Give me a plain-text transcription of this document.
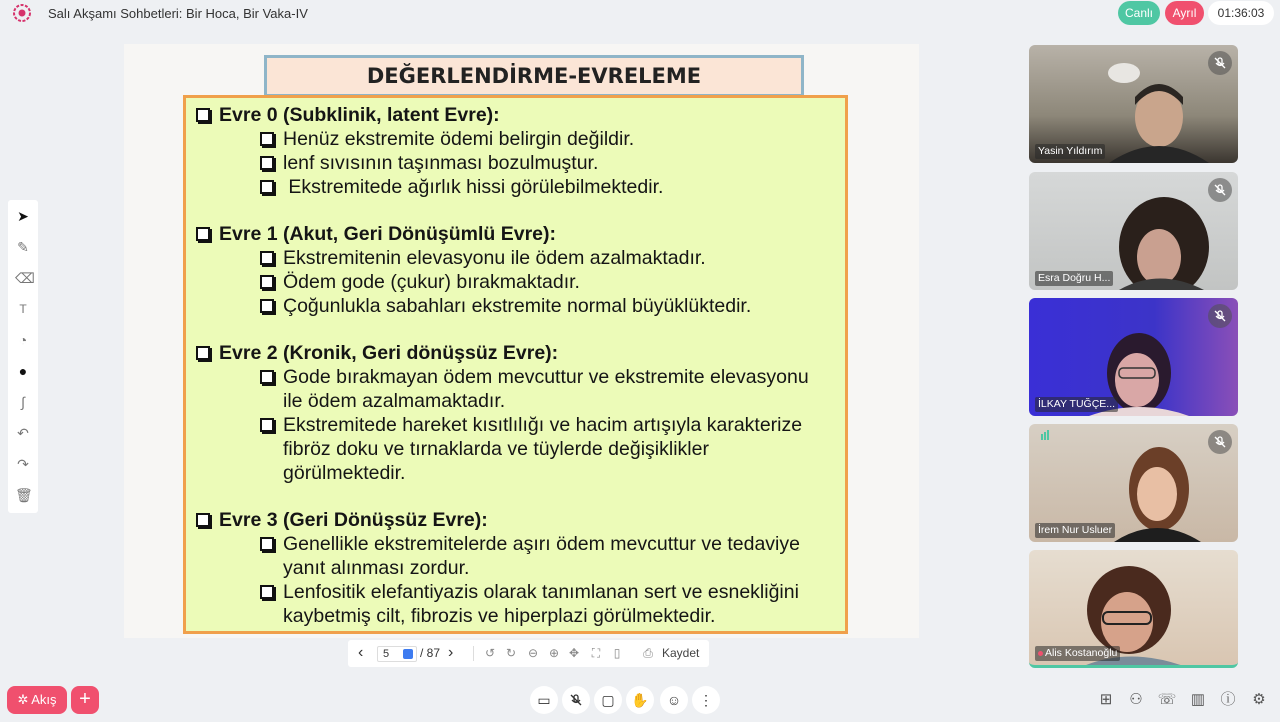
Salı Akşamı Sohbetleri: Bir Hoca, Bir Vaka-IV	Canlı	Ayrıl	01:36:03
➤
✎
⌫
T
◔
●
∫
↶
↷
🗑
DEĞERLENDİRME-EVRELEME
Evre 0 (Subklinik, latent Evre):
Henüz ekstremite ödemi belirgin değildir.
lenf sıvısının taşınması bozulmuştur.
Ekstremitede ağırlık hissi görülebilmektedir.
Evre 1 (Akut, Geri Dönüşümlü Evre):
Ekstremitenin elevasyonu ile ödem azalmaktadır.
Ödem gode (çukur) bırakmaktadır.
Çoğunlukla sabahları ekstremite normal büyüklüktedir.
Evre 2 (Kronik, Geri dönüşsüz Evre):
Gode bırakmayan ödem mevcuttur ve ekstremite elevasyonu ile ödem azalmamaktadır.
Ekstremitede hareket kısıtlılığı ve hacim artışıyla karakterize fibröz doku ve tırnaklarda ve tüylerde değişiklikler görülmektedir.
Evre 3 (Geri Dönüşsüz Evre):
Genellikle ekstremitelerde aşırı ödem mevcuttur ve tedaviye yanıt alınması zordur.
Lenfositik elefantiyazis olarak tanımlanan sert ve esnekliğini kaybetmiş cilt, fibrozis ve hiperplazi görülmektedir.
‹	5	/ 87 ›	↺ ↻ ⊖ ⊕ ✥	⛶	▯	⎙ Kaydet
Yasin Yıldırım
Esra Doğru H...
İLKAY TUĞÇE...
İrem Nur Usluer
Alis Kostanoğlu
✲ Akış	+	▭	▢	✋	☺	⋮	⊞ ⚇ ☏ ▥ ⓘ ⚙
